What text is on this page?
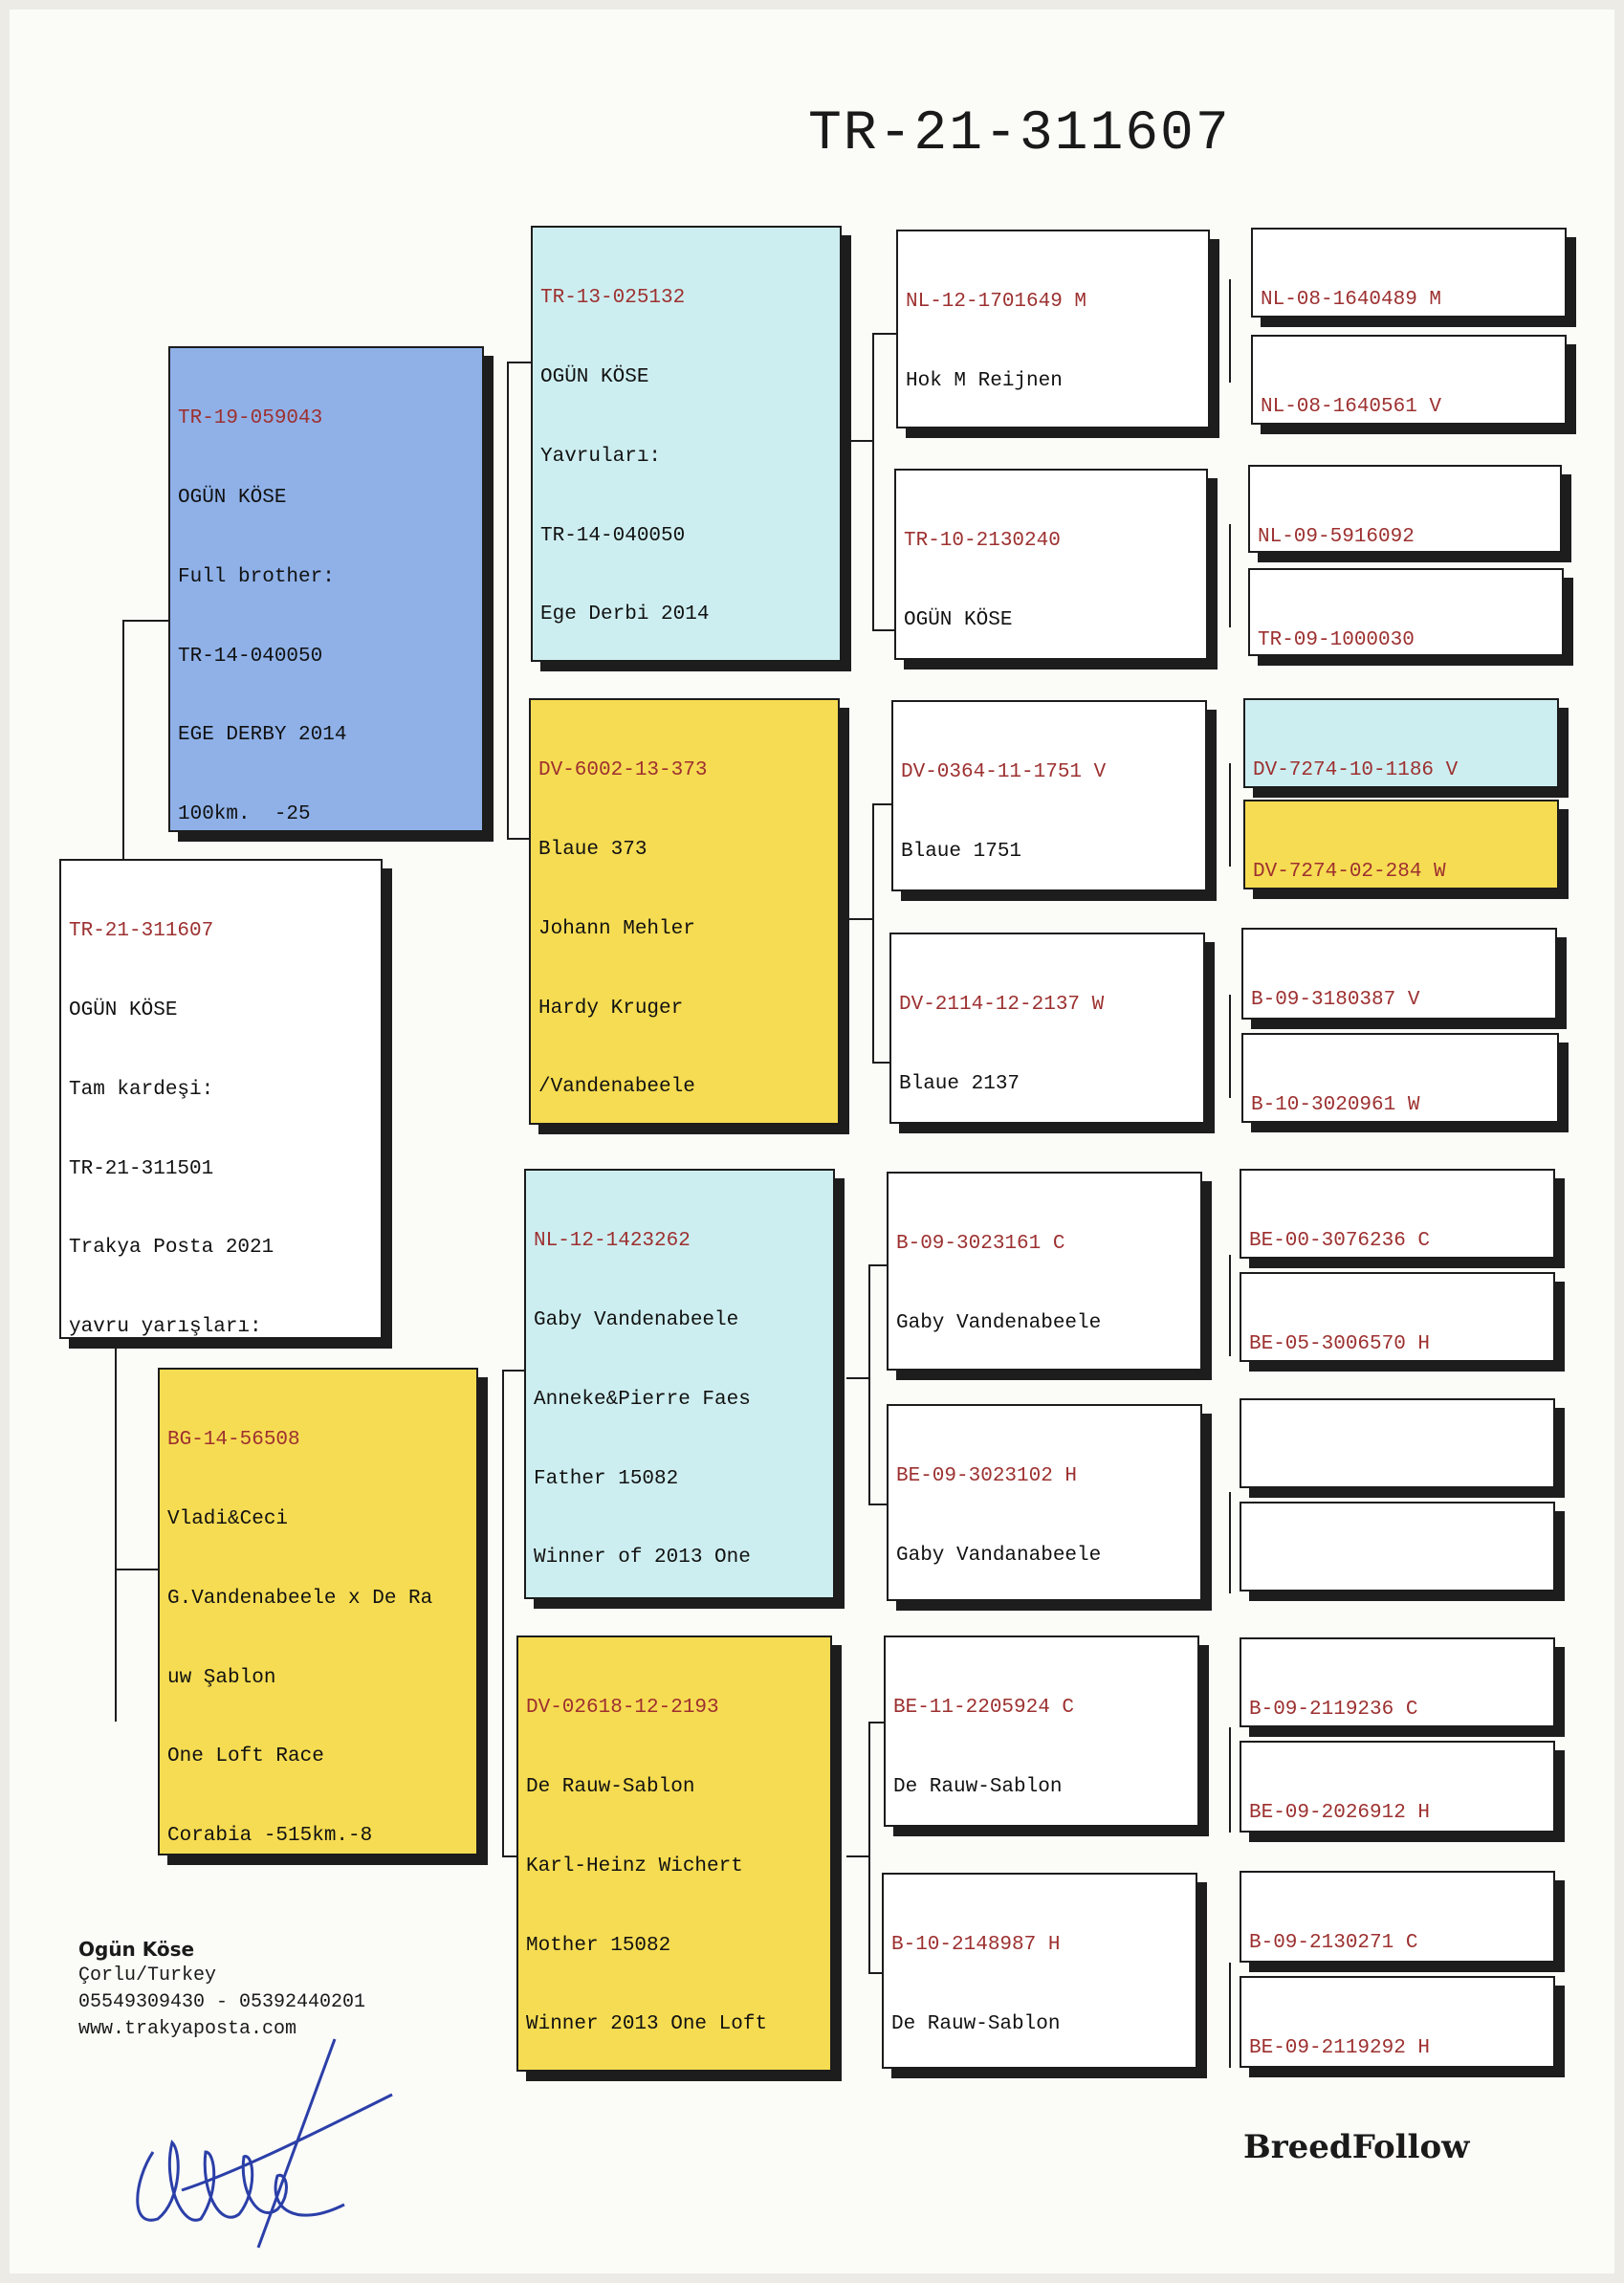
TR-21-311607

TR-21-311607

OGÜN KÖSE

Tam kardeşi:

TR-21-311501

Trakya Posta 2021

yavru yarışları:

TR-19-059043

OGÜN KÖSE

Full brother:

TR-14-040050

EGE DERBY 2014

100km.  -25

BG-14-56508

Vladi&Ceci

G.Vandenabeele x De Ra

uw Şablon

One Loft Race

Corabia -515km.-8

TR-13-025132

OGÜN KÖSE

Yavruları:

TR-14-040050

Ege Derbi 2014

DV-6002-13-373

Blaue 373

Johann Mehler

Hardy Kruger

/Vandenabeele

NL-12-1423262

Gaby Vandenabeele

Anneke&Pierre Faes

Father 15082

Winner of 2013 One

DV-02618-12-2193

De Rauw-Sablon

Karl-Heinz Wichert

Mother 15082

Winner 2013 One Loft

NL-12-1701649 M

Hok M Reijnen

TR-10-2130240

OGÜN KÖSE

DV-0364-11-1751 V

Blaue 1751

DV-2114-12-2137 W

Blaue 2137

B-09-3023161 C

Gaby Vandenabeele

BE-09-3023102 H

Gaby Vandanabeele

BE-11-2205924 C

De Rauw-Sablon

B-10-2148987 H

De Rauw-Sablon

NL-08-1640489 M

NL-08-1640561 V

NL-09-5916092

TR-09-1000030

DV-7274-10-1186 V

DV-7274-02-284 W

B-09-3180387 V

B-10-3020961 W

BE-00-3076236 C

BE-05-3006570 H

B-09-2119236 C

BE-09-2026912 H

B-09-2130271 C

BE-09-2119292 H

Ogün Köse
Çorlu/Turkey
05549309430 - 05392440201
www.trakyaposta.com
BreedFollow
